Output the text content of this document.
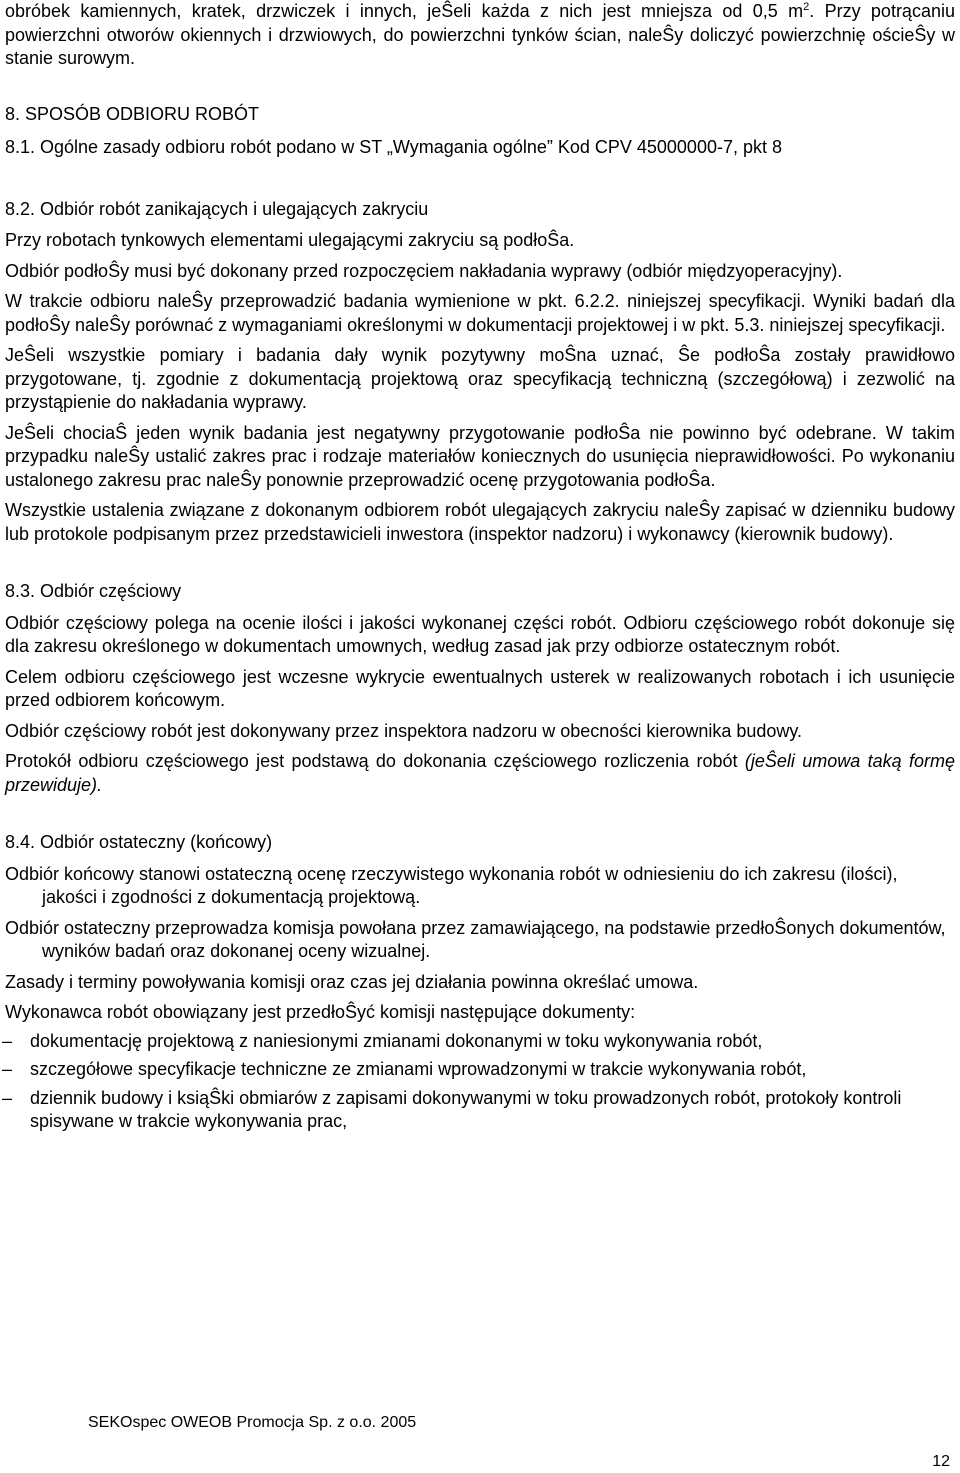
obróbek kamiennych, kratek, drzwiczek i innych, jeŜeli każda z nich jest mniejsza od 0,5 $m^2$. Przy potrącaniu powierzchni otworów okiennych i drzwiowych, do powierzchni tynków ścian, naleŜy doliczyć powierzchnię ościeŜy w stanie surowym.

8. SPOSÓB ODBIORU ROBÓT
8.1. Ogólne zasady odbioru robót podano w ST „Wymagania ogólne” Kod CPV 45000000-7, pkt 8
8.2. Odbiór robót zanikających i ulegających zakryciu

Przy robotach tynkowych elementami ulegającymi zakryciu są podłoŜa.

Odbiór podłoŜy musi być dokonany przed rozpoczęciem nakładania wyprawy (odbiór międzyoperacyjny).

W trakcie odbioru naleŜy przeprowadzić badania wymienione w pkt. 6.2.2. niniejszej specyfikacji. Wyniki badań dla podłoŜy naleŜy porównać z wymaganiami określonymi w dokumentacji projektowej i w pkt. 5.3. niniejszej specyfikacji.

JeŜeli wszystkie pomiary i badania dały wynik pozytywny moŜna uznać, Ŝe podłoŜa zostały prawidłowo przygotowane, tj. zgodnie z dokumentacją projektową oraz specyfikacją techniczną (szczegółową) i zezwolić na przystąpienie do nakładania wyprawy.

JeŜeli chociaŜ jeden wynik badania jest negatywny przygotowanie podłoŜa nie powinno być odebrane. W takim przypadku naleŜy ustalić zakres prac i rodzaje materiałów koniecznych do usunięcia nieprawidłowości. Po wykonaniu ustalonego zakresu prac naleŜy ponownie przeprowadzić ocenę przygotowania podłoŜa.

Wszystkie ustalenia związane z dokonanym odbiorem robót ulegających zakryciu naleŜy zapisać w dzienniku budowy lub protokole podpisanym przez przedstawicieli inwestora (inspektor nadzoru) i wykonawcy (kierownik budowy).

8.3. Odbiór częściowy

Odbiór częściowy polega na ocenie ilości i jakości wykonanej części robót. Odbioru częściowego robót dokonuje się dla zakresu określonego w dokumentach umownych, według zasad jak przy odbiorze ostatecznym robót.

Celem odbioru częściowego jest wczesne wykrycie ewentualnych usterek w realizowanych robotach i ich usunięcie przed odbiorem końcowym.

Odbiór częściowy robót jest dokonywany przez inspektora nadzoru w obecności kierownika budowy.

Protokół odbioru częściowego jest podstawą do dokonania częściowego rozliczenia robót (jeŜeli umowa taką formę przewiduje).

8.4. Odbiór ostateczny (końcowy)

Odbiór końcowy stanowi ostateczną ocenę rzeczywistego wykonania robót w odniesieniu do ich zakresu (ilości), jakości i zgodności z dokumentacją projektową.

Odbiór ostateczny przeprowadza komisja powołana przez zamawiającego, na podstawie przedłoŜonych dokumentów, wyników badań oraz dokonanej oceny wizualnej.

Zasady i terminy powoływania komisji oraz czas jej działania powinna określać umowa.

Wykonawca robót obowiązany jest przedłoŜyć komisji następujące dokumenty:

– dokumentację projektową z naniesionymi zmianami dokonanymi w toku wykonywania robót,
– szczegółowe specyfikacje techniczne ze zmianami wprowadzonymi w trakcie wykonywania robót,
– dziennik budowy i ksiąŜki obmiarów z zapisami dokonywanymi w toku prowadzonych robót, protokoły kontroli spisywane w trakcie wykonywania prac,
SEKOspec OWEOB Promocja Sp. z o.o. 2005
12
